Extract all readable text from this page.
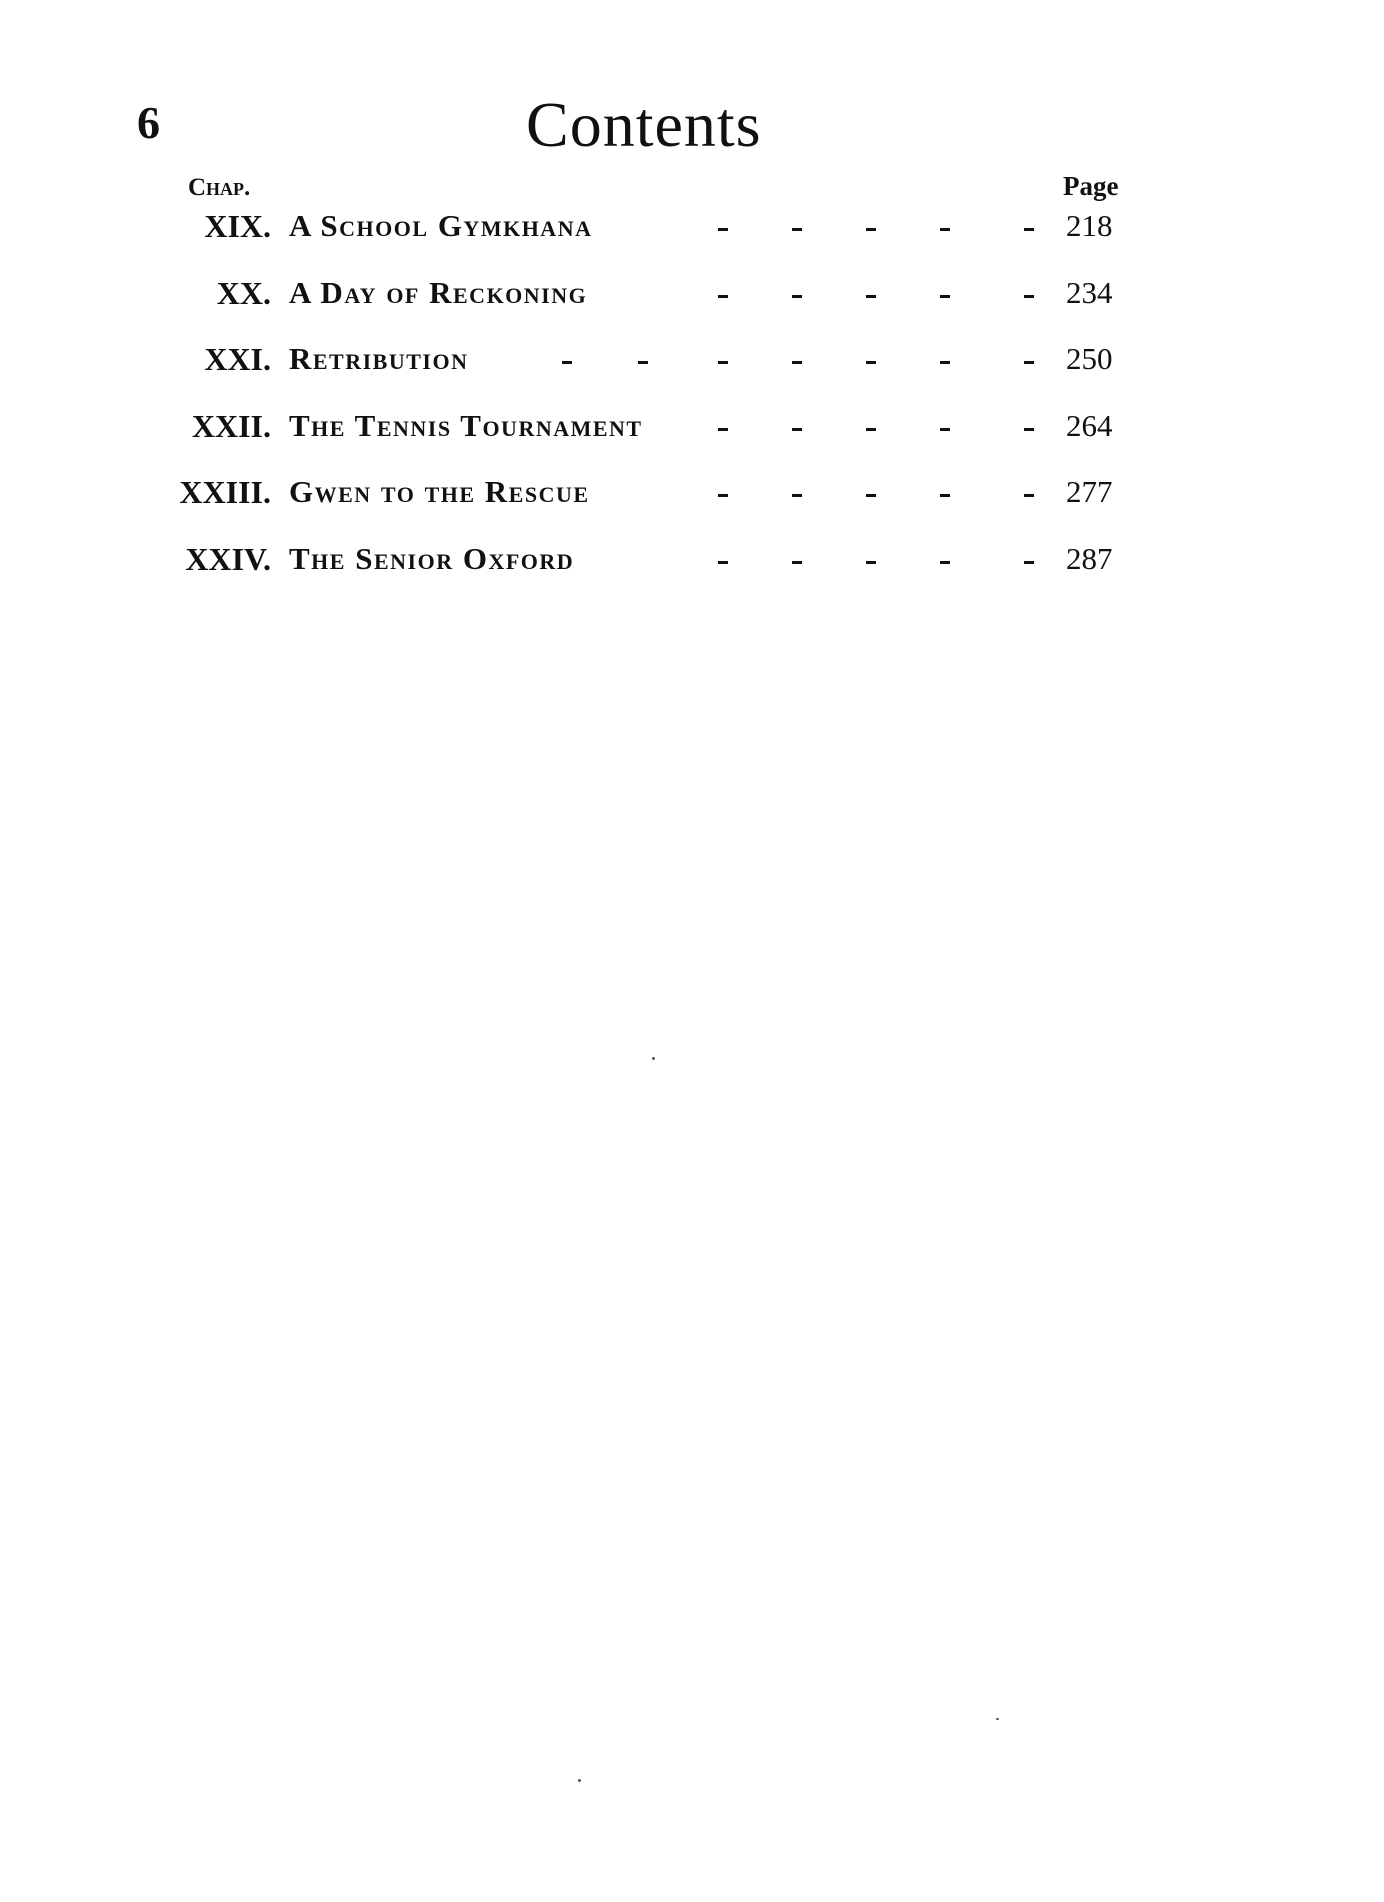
6	Contents
Chap.	Page
XIX. A School Gymkhana	218
XX. A Day of Reckoning	234
XXI. Retribution	250
XXII. The Tennis Tournament	264
XXIII. Gwen to the Rescue	277
XXIV. The Senior Oxford	287
